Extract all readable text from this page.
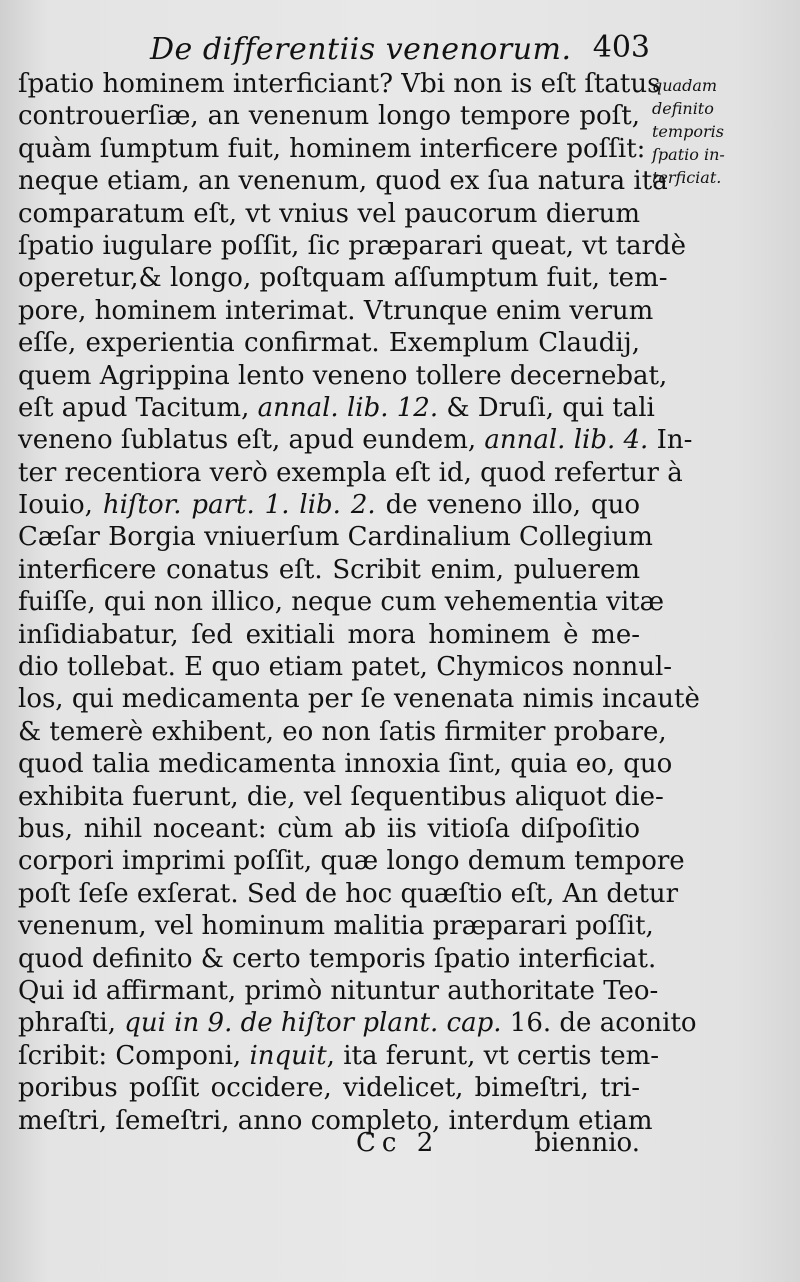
De differentiis venenorum. 403
ſpatio hominem interficiant? Vbi non is eſt ſtatus
controuerſiæ, an venenum longo tempore poſt,
quàm ſumptum fuit, hominem interficere poſſit:
neque etiam, an venenum, quod ex ſua natura ita
comparatum eſt, vt vnius vel paucorum dierum
ſpatio iugulare poſſit, ſic præparari queat, vt tardè
operetur,& longo, poſtquam aſſumptum fuit, tem-
pore, hominem interimat. Vtrunque enim verum
eſſe, experientia confirmat. Exemplum Claudij,
quem Agrippina lento veneno tollere decernebat,
eſt apud Tacitum, annal. lib. 12. & Druſi, qui tali
veneno ſublatus eſt, apud eundem, annal. lib. 4. In-
ter recentiora verò exempla eſt id, quod refertur à
Iouio, hiſtor. part. 1. lib. 2. de veneno illo, quo
Cæſar Borgia vniuerſum Cardinalium Collegium
interficere conatus eſt. Scribit enim, puluerem
fuiſſe, qui non illico, neque cum vehementia vitæ
inſidiabatur, ſed exitiali mora hominem è me-
dio tollebat. E quo etiam patet, Chymicos nonnul-
los, qui medicamenta per ſe venenata nimis incautè
& temerè exhibent, eo non ſatis firmiter probare,
quod talia medicamenta innoxia ſint, quia eo, quo
exhibita fuerunt, die, vel ſequentibus aliquot die-
bus, nihil noceant: cùm ab iis vitioſa diſpoſitio
corpori imprimi poſſit, quæ longo demum tempore
poſt ſeſe exſerat. Sed de hoc quæſtio eſt, An detur
venenum, vel hominum malitia præparari poſſit,
quod definito & certo temporis ſpatio interficiat.
Qui id affirmant, primò nituntur authoritate Teo-
phraſti, qui in 9. de hiſtor plant. cap. 16. de aconito
ſcribit: Componi, inquit, ita ferunt, vt certis tem-
poribus poſſit occidere, videlicet, bimeſtri, tri-
meſtri, ſemeſtri, anno completo, interdum etiam
quadam
definito
temporis
ſpatio in-
terficiat.
Cc 2	biennio.
